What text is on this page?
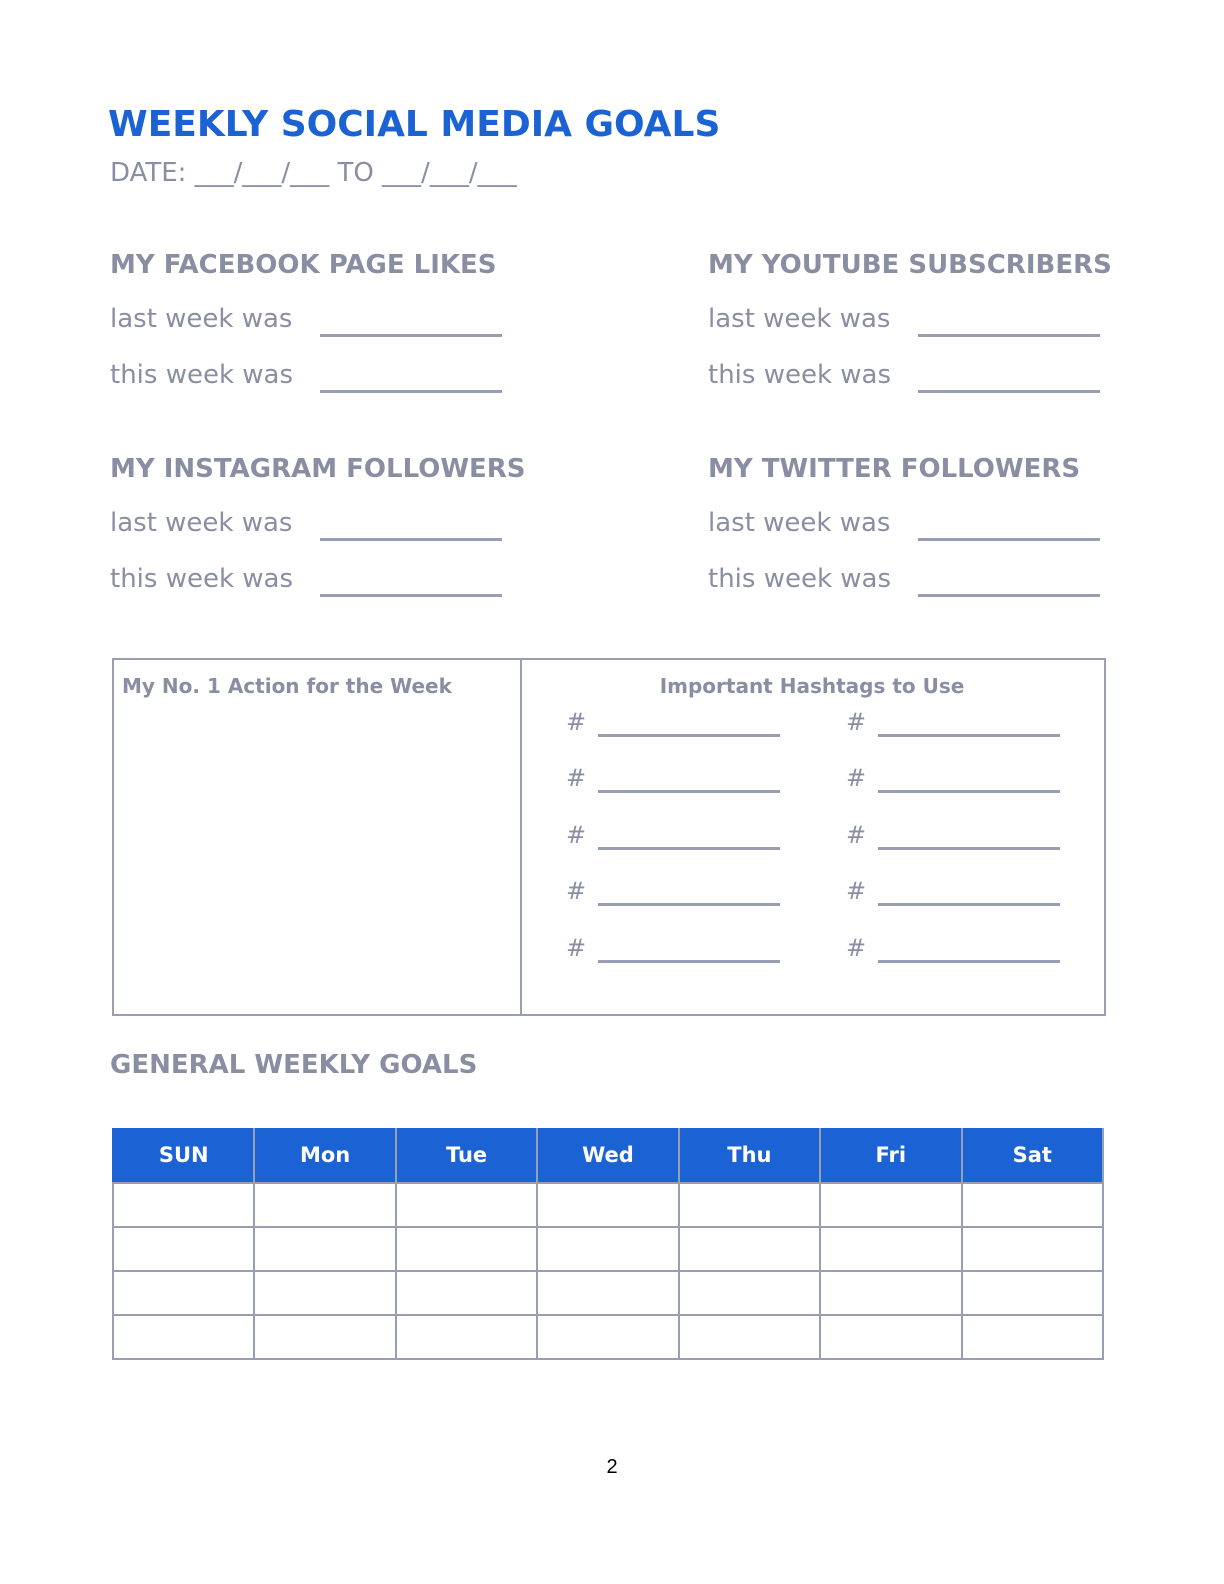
WEEKLY SOCIAL MEDIA GOALS
DATE: ___/___/___ TO ___/___/___
MY FACEBOOK PAGE LIKES
last week was
this week was
MY YOUTUBE SUBSCRIBERS
last week was
this week was
MY INSTAGRAM FOLLOWERS
last week was
this week was
MY TWITTER FOLLOWERS
last week was
this week was
My No. 1 Action for the Week	Important Hashtags to Use
#	#
#	#
#	#
#	#
#	#
GENERAL WEEKLY GOALS
SUN	Mon	Tue	Wed	Thu	Fri	Sat

2
